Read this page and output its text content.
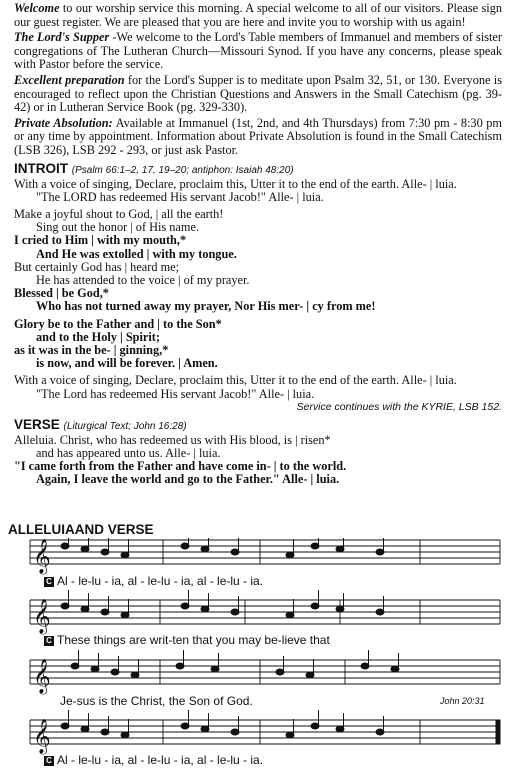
Welcome to our worship service this morning. A special welcome to all of our visitors. Please sign our guest register. We are pleased that you are here and invite you to worship with us again!

The Lord's Supper -We welcome to the Lord's Table members of Immanuel and members of sister congregations of The Lutheran Church—Missouri Synod. If you have any concerns, please speak with Pastor before the service.

Excellent preparation for the Lord's Supper is to meditate upon Psalm 32, 51, or 130. Everyone is encouraged to reflect upon the Christian Questions and Answers in the Small Catechism (pg. 39-42) or in Lutheran Service Book (pg. 329-330).

Private Absolution: Available at Immanuel (1st, 2nd, and 4th Thursdays) from 7:30 pm - 8:30 pm or any time by appointment. Information about Private Absolution is found in the Small Catechism (LSB 326), LSB 292 - 293, or just ask Pastor.

INTROIT (Psalm 66:1–2, 17, 19–20; antiphon: Isaiah 48:20)

With a voice of singing, Declare, proclaim this, Utter it to the end of the earth. Alle- | luia.

"The LORD has redeemed His servant Jacob!" Alle- | luia.

Make a joyful shout to God, | all the earth!

Sing out the honor | of His name.

I cried to Him | with my mouth,*

And He was extolled | with my tongue.

But certainly God has | heard me;

He has attended to the voice | of my prayer.

Blessed | be God,*

Who has not turned away my prayer, Nor His mer- | cy from me!

Glory be to the Father and | to the Son*

and to the Holy | Spirit;

as it was in the be- | ginning,*

is now, and will be forever. | Amen.

With a voice of singing, Declare, proclaim this, Utter it to the end of the earth. Alle- | luia.

"The Lord has redeemed His servant Jacob!" Alle- | luia.

Service continues with the KYRIE, LSB 152.

VERSE (Liturgical Text; John 16:28)

Alleluia. Christ, who has redeemed us with His blood, is | risen*

and has appeared unto us. Alle- | luia.

"I came forth from the Father and have come in- | to the world.

Again, I leave the world and go to the Father." Alle- | luia.

ALLELUIAAND VERSE
𝄞
𝄞
𝄞
𝄞
C Al - le-lu - ia, al - le-lu - ia, al - le-lu - ia.
C These things are writ-ten that you may be-lieve that
Je-sus is the Christ, the Son of God.	John 20:31
C Al - le-lu - ia, al - le-lu - ia, al - le-lu - ia.
